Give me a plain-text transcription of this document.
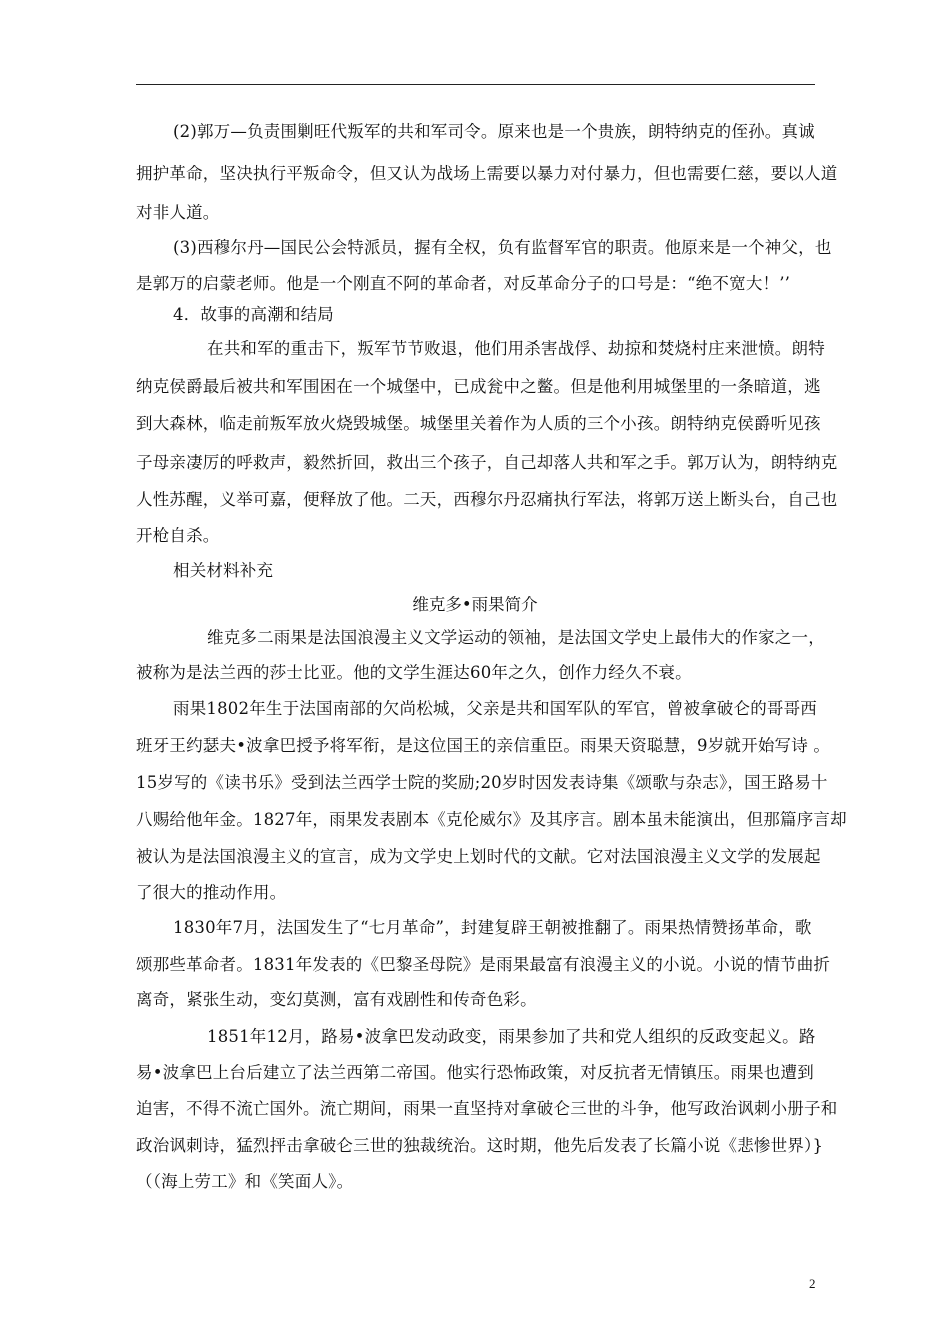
(2)郭万—负责围剿旺代叛军的共和军司令。原来也是一个贵族，朗特纳克的侄孙。真诚
拥护革命，坚决执行平叛命令，但又认为战场上需要以暴力对付暴力，但也需要仁慈，要以人道
对非人道。
(3)西穆尔丹—国民公会特派员，握有全权，负有监督军官的职责。他原来是一个神父，也
是郭万的启蒙老师。他是一个刚直不阿的革命者，对反革命分子的口号是：“绝不宽大！’’
4．故事的高潮和结局
在共和军的重击下，叛军节节败退，他们用杀害战俘、劫掠和焚烧村庄来泄愤。朗特
纳克侯爵最后被共和军围困在一个城堡中，已成瓮中之鳖。但是他利用城堡里的一条暗道，逃
到大森林，临走前叛军放火烧毁城堡。城堡里关着作为人质的三个小孩。朗特纳克侯爵听见孩
子母亲凄厉的呼救声，毅然折回，救出三个孩子，自己却落人共和军之手。郭万认为，朗特纳克
人性苏醒，义举可嘉，便释放了他。二天，西穆尔丹忍痛执行军法，将郭万送上断头台，自己也
开枪自杀。
相关材料补充
维克多•雨果简介
维克多二雨果是法国浪漫主义文学运动的领袖，是法国文学史上最伟大的作家之一，
被称为是法兰西的莎士比亚。他的文学生涯达60年之久，创作力经久不衰。
雨果1802年生于法国南部的欠尚松城，父亲是共和国军队的军官，曾被拿破仑的哥哥西
班牙王约瑟夫•波拿巴授予将军衔，是这位国王的亲信重臣。雨果天资聪慧，9岁就开始写诗 。
15岁写的《读书乐》受到法兰西学士院的奖励;20岁时因发表诗集《颂歌与杂志》，国王路易十
八赐给他年金。1827年，雨果发表剧本《克伦威尔》及其序言。剧本虽未能演出，但那篇序言却
被认为是法国浪漫主义的宣言，成为文学史上划时代的文献。它对法国浪漫主义文学的发展起
了很大的推动作用。
1830年7月，法国发生了“七月革命”，封建复辟王朝被推翻了。雨果热情赞扬革命，歌
颂那些革命者。1831年发表的《巴黎圣母院》是雨果最富有浪漫主义的小说。小说的情节曲折
离奇，紧张生动，变幻莫测，富有戏剧性和传奇色彩。
1851年12月，路易•波拿巴发动政变，雨果参加了共和党人组织的反政变起义。路
易•波拿巴上台后建立了法兰西第二帝国。他实行恐怖政策，对反抗者无情镇压。雨果也遭到
迫害，不得不流亡国外。流亡期间，雨果一直坚持对拿破仑三世的斗争，他写政治讽刺小册子和
政治讽刺诗，猛烈抨击拿破仑三世的独裁统治。这时期，他先后发表了长篇小说《悲惨世界）}
（（海上劳工》和《笑面人》。
2
